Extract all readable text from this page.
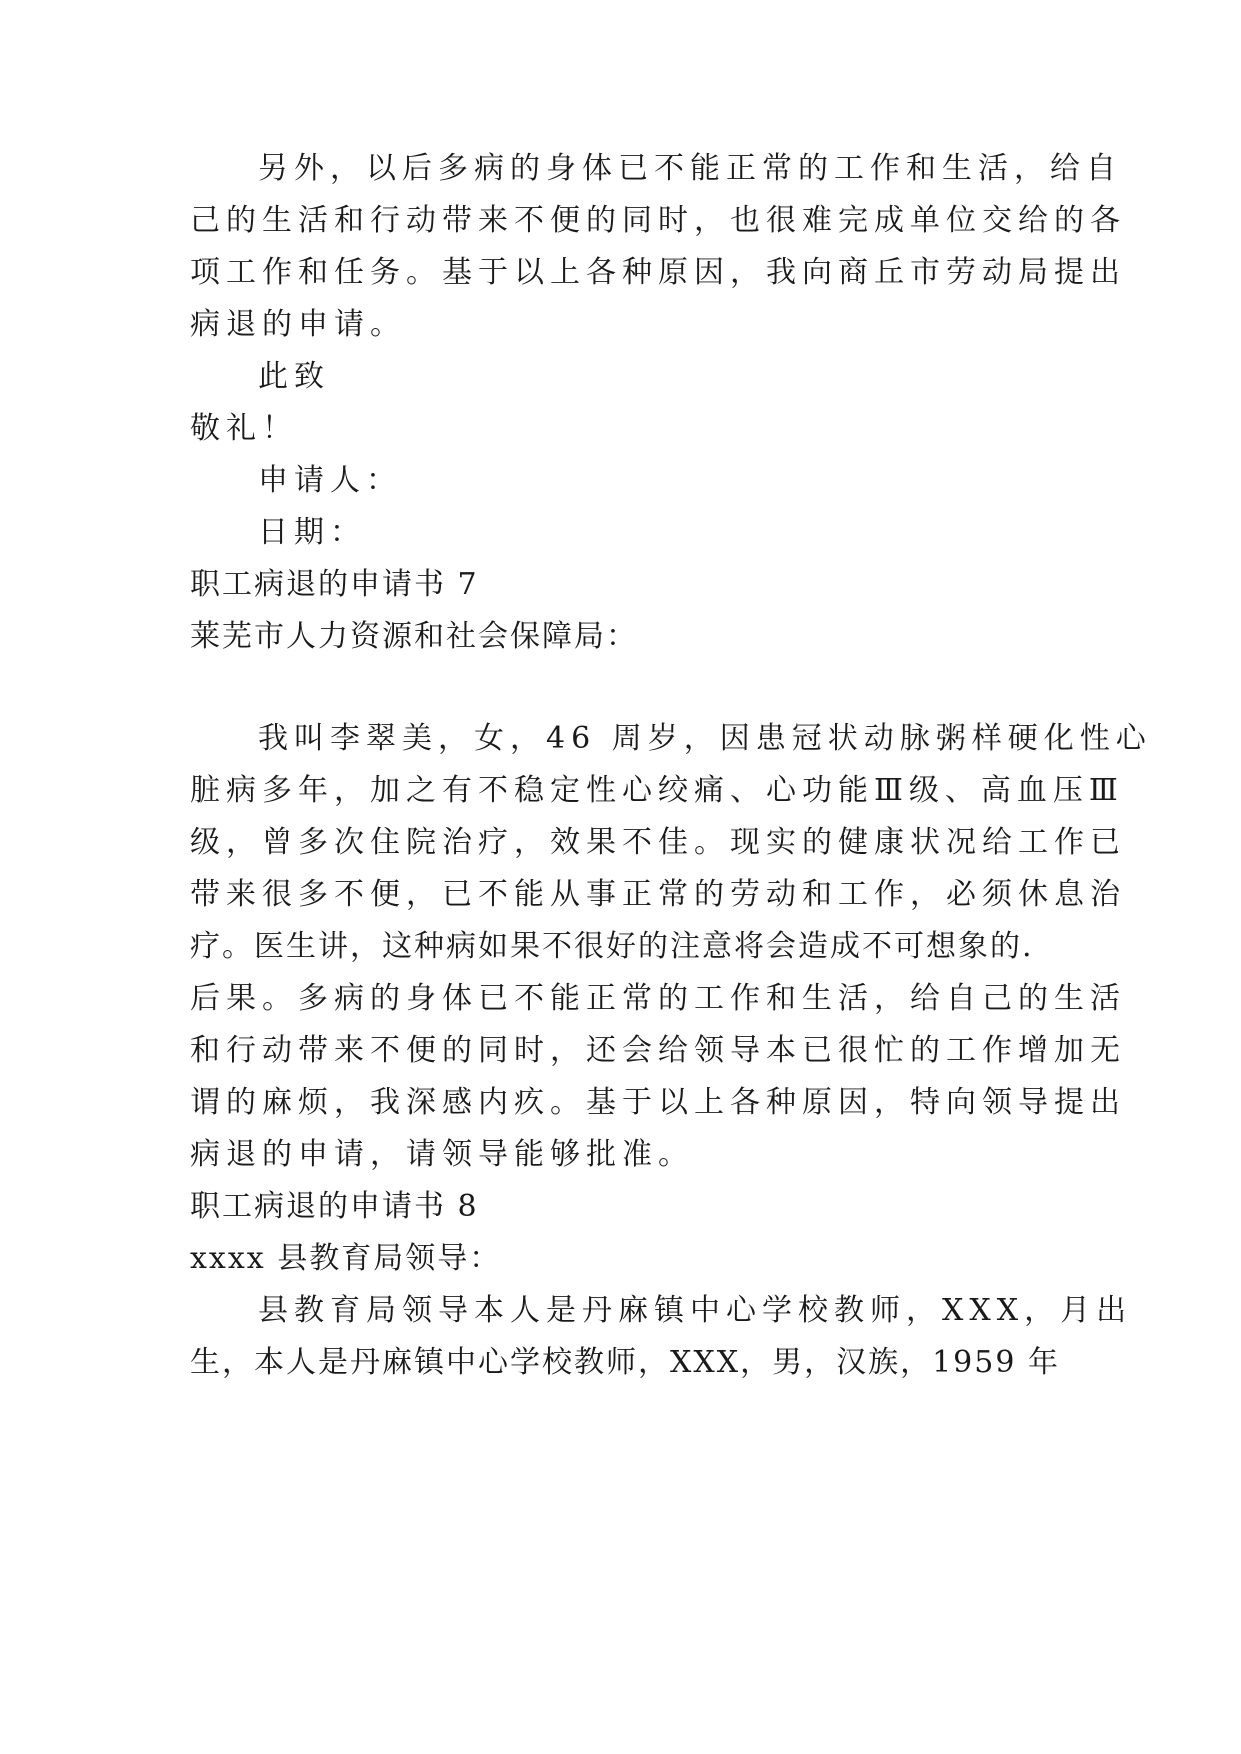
另外，以后多病的身体已不能正常的工作和生活，给自
己的生活和行动带来不便的同时，也很难完成单位交给的各
项工作和任务。基于以上各种原因，我向商丘市劳动局提出
病退的申请。
此致
敬礼！
申请人：
日期：
职工病退的申请书 7
莱芜市人力资源和社会保障局：
我叫李翠美，女，46 周岁，因患冠状动脉粥样硬化性心
脏病多年，加之有不稳定性心绞痛、心功能Ⅲ级、高血压Ⅲ
级，曾多次住院治疗，效果不佳。现实的健康状况给工作已
带来很多不便，已不能从事正常的劳动和工作，必须休息治
疗。医生讲，这种病如果不很好的注意将会造成不可想象的.
后果。多病的身体已不能正常的工作和生活，给自己的生活
和行动带来不便的同时，还会给领导本已很忙的工作增加无
谓的麻烦，我深感内疚。基于以上各种原因，特向领导提出
病退的申请，请领导能够批准。
职工病退的申请书 8
xxxx 县教育局领导：
县教育局领导本人是丹麻镇中心学校教师，XXX，月出
生，本人是丹麻镇中心学校教师，XXX，男，汉族，1959 年
